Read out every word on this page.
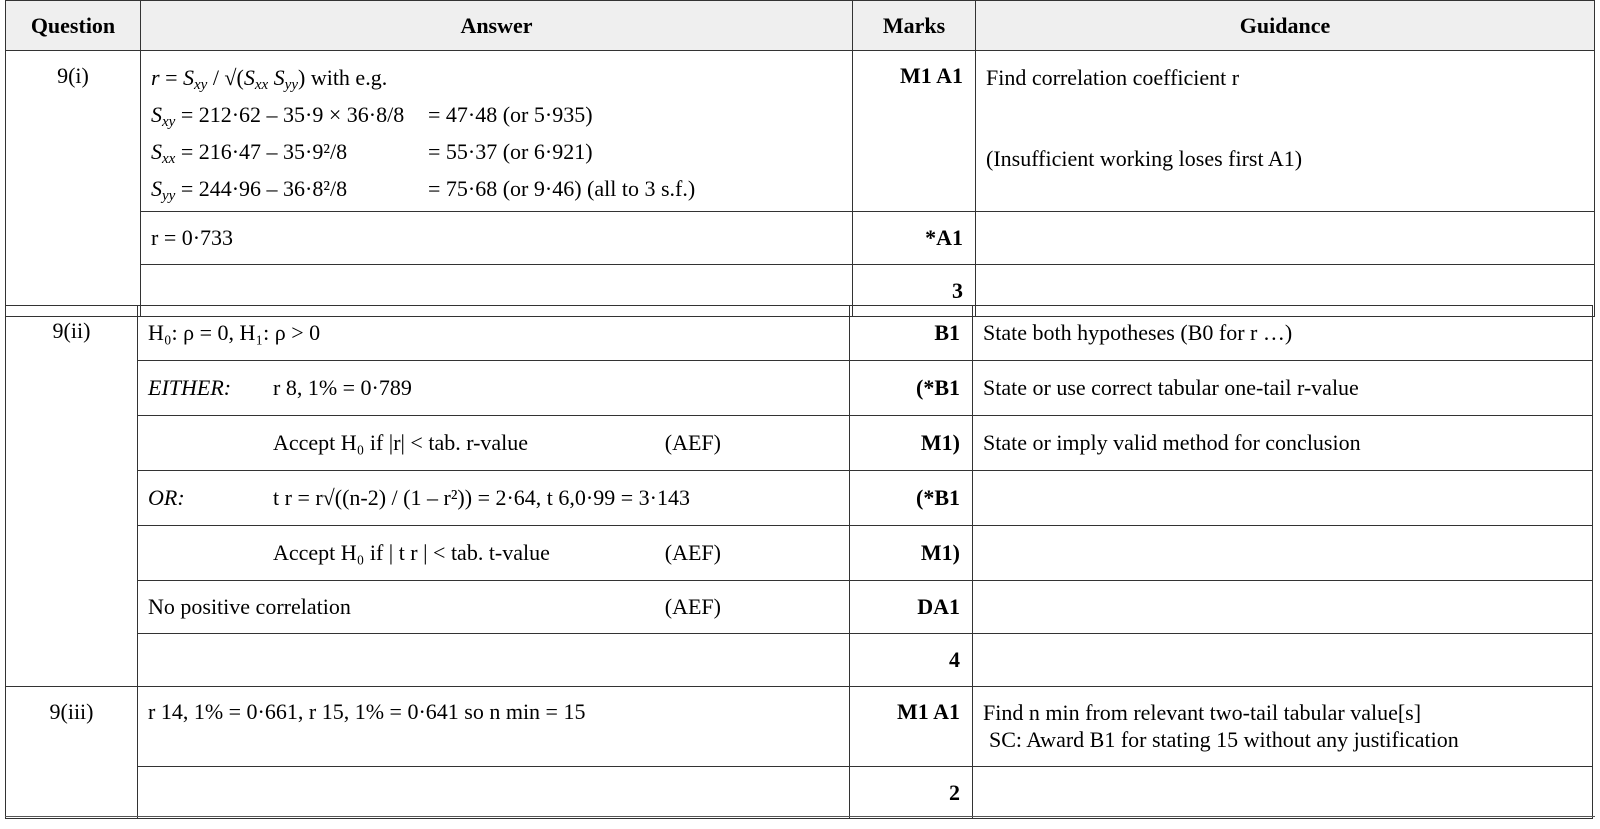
Question	Answer	Marks	Guidance
9(i)	$r = S_{xy} / √(S_{xx}$ $S_{yy}$) with e.g.
$S_{xy} = 212\cdot 62 - 35\cdot 9 \times 36\cdot 8/8 = 47\cdot 48$ (or 5·935)
$S_{xx} = 216\cdot 47 - 35\cdot 9^2/8 = 55\cdot 37$ (or 6·921)
$S_{yy} = 244\cdot 96 - 36\cdot 8^2/8 = 75\cdot 68$ (or 9·46) (all to 3 s.f.)	M1 A1	Find correlation coefficient r
(Insufficient working loses first A1)

	r = 0·733	*A1	
		3	
9(ii)	H₀: ρ = 0, H₁: ρ > 0	B1	State both hypotheses (B0 for r …)
	EITHER: r 8, 1% = 0·789	(*B1	State or use correct tabular one-tail r-value

	Accept H₀ if |r| < tab. r-value (AEF)	M1)	State or imply valid method for conclusion
	OR: t r = r√((n-2) / (1 – r²)) = 2·64, t 6,0·99 = 3·143	(*B1	

	Accept H₀ if | t r | < tab. t-value (AEF)	M1)	

	No positive correlation (AEF)	DA1	
		4	
9(iii)	r 14, 1% = 0·661, r 15, 1% = 0·641 so n min = 15	M1 A1	Find n min from relevant two-tail tabular value[s]
SC: Award B1 for stating 15 without any justification

		2	
